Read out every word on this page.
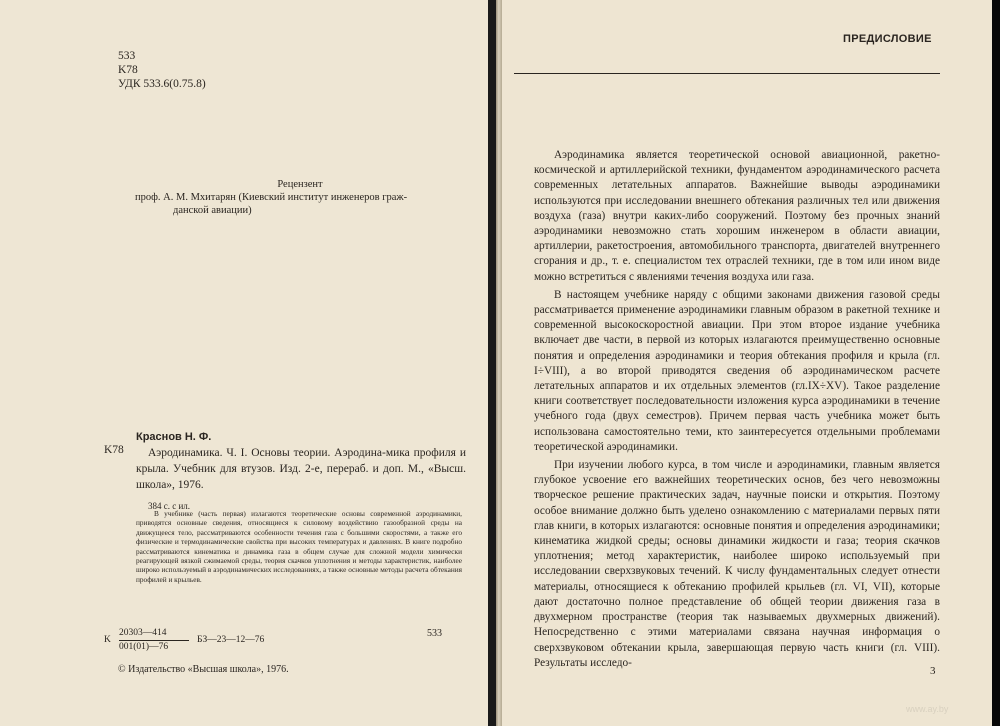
533
K78
УДК 533.6(0.75.8)
Рецензент
проф. А. М. Мхитарян (Киевский институт инженеров граж-
данской авиации)
K78
Краснов Н. Ф.
Аэродинамика. Ч. I. Основы теории. Аэродина-мика профиля и крыла. Учебник для втузов. Изд. 2-е, перераб. и доп. М., «Высш. школа», 1976.
384 с. с ил.
В учебнике (часть первая) излагаются теоретические основы современной аэродинамики, приводятся основные сведения, относящиеся к силовому воздействию газообразной среды на движущееся тело, рассматриваются особенности течения газа с большими скоростями, а также его физические и термодинамические свойства при высоких температурах и давлениях. В книге подробно рассматриваются кинематика и динамика газа в общем случае для сложной модели химически реагирующей вязкой сжимаемой среды, теория скачков уплотнения и методы характеристик, наиболее широко используемый в аэродинамических исследованиях, а также основные методы расчета обтекания профилей и крыльев.
K
20303—414
001(01)—76
БЗ—23—12—76
533
© Издательство «Высшая школа», 1976.
ПРЕДИСЛОВИЕ

Аэродинамика является теоретической основой авиационной, ракетно-космической и артиллерийской техники, фундаментом аэродинамического расчета современных летательных аппаратов. Важнейшие выводы аэродинамики используются при исследовании внешнего обтекания различных тел или движения воздуха (газа) внутри каких-либо сооружений. Поэтому без прочных знаний аэродинамики невозможно стать хорошим инженером в области авиации, артиллерии, ракетостроения, автомобильного транспорта, двигателей внутреннего сгорания и др., т. е. специалистом тех отраслей техники, где в том или ином виде можно встретиться с явлениями течения воздуха или газа.

В настоящем учебнике наряду с общими законами движения газовой среды рассматривается применение аэродинамики главным образом в ракетной технике и современной высокоскоростной авиации. При этом второе издание учебника включает две части, в первой из которых излагаются преимущественно основные понятия и определения аэродинамики и теория обтекания профиля и крыла (гл. I÷VIII), а во второй приводятся сведения об аэродинамическом расчете летательных аппаратов и их отдельных элементов (гл.IX÷XV). Такое разделение книги соответствует последовательности изложения курса аэродинамики в течение учебного года (двух семестров). Причем первая часть учебника может быть использована самостоятельно теми, кто заинтересуется отдельными проблемами теоретической аэродинамики.

При изучении любого курса, в том числе и аэродинамики, главным является глубокое усвоение его важнейших теоретических основ, без чего невозможны творческое решение практических задач, научные поиски и открытия. Поэтому особое внимание должно быть уделено ознакомлению с материалами первых пяти глав книги, в которых излагаются: основные понятия и определения аэродинамики; кинематика жидкой среды; основы динамики жидкости и газа; теория скачков уплотнения; метод характеристик, наиболее широко используемый при исследовании сверхзвуковых течений. К числу фундаментальных следует отнести материалы, относящиеся к обтеканию профилей крыльев (гл. VI, VII), которые дают достаточно полное представление об общей теории движения газа в двухмерном пространстве (теория так называемых двухмерных движений). Непосредственно с этими материалами связана научная информация о сверхзвуковом обтекании крыла, завершающая первую часть книги (гл. VIII). Результаты исследо-

3
www.ay.by
